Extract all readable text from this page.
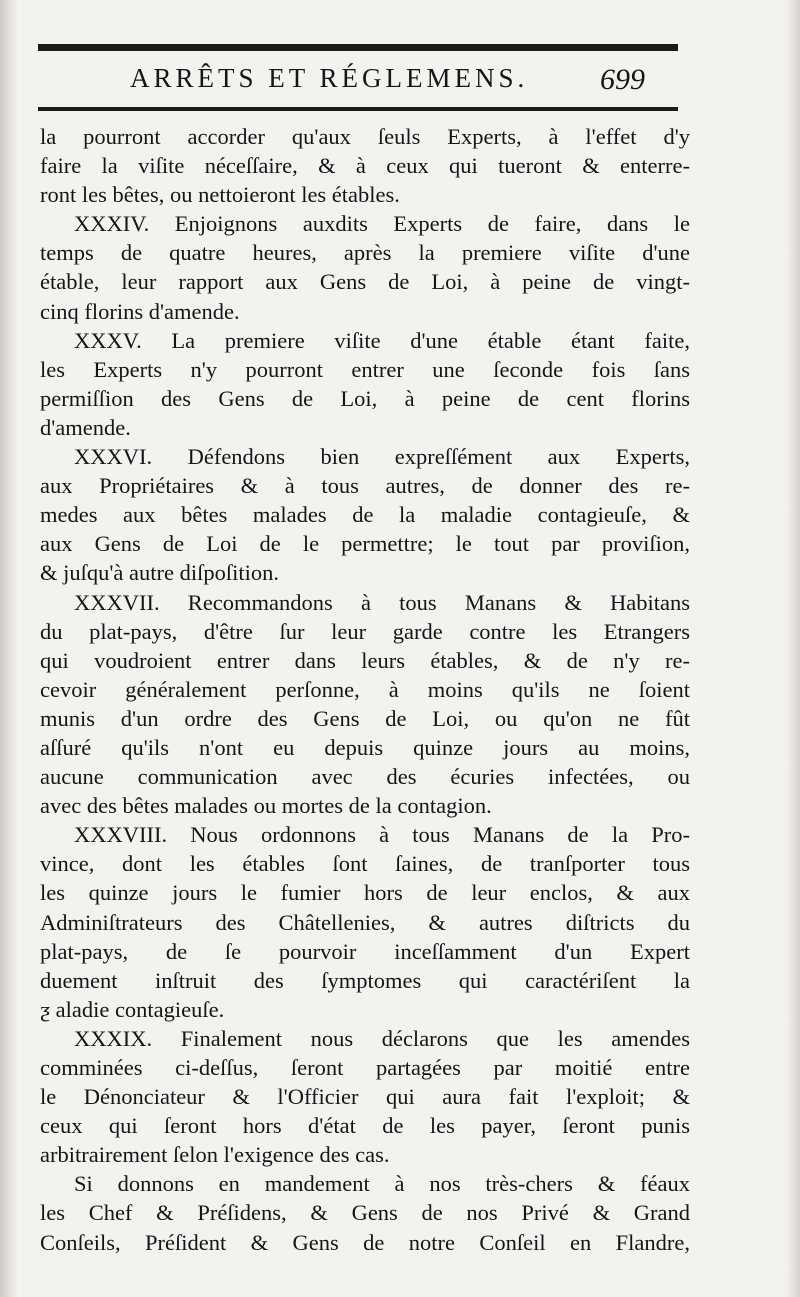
ARRÊTS ET RÉGLEMENS.	699
la pourront accorder qu'aux ſeuls Experts, à l'effet d'y
faire la viſite néceſſaire, & à ceux qui tueront & enterre-
ront les bêtes, ou nettoieront les étables.
XXXIV. Enjoignons auxdits Experts de faire, dans le
temps de quatre heures, après la premiere viſite d'une
étable, leur rapport aux Gens de Loi, à peine de vingt-
cinq florins d'amende.
XXXV. La premiere viſite d'une étable étant faite,
les Experts n'y pourront entrer une ſeconde fois ſans
permiſſion des Gens de Loi, à peine de cent florins
d'amende.
XXXVI. Défendons bien expreſſément aux Experts,
aux Propriétaires & à tous autres, de donner des re-
medes aux bêtes malades de la maladie contagieuſe, &
aux Gens de Loi de le permettre; le tout par proviſion,
& juſqu'à autre diſpoſition.
XXXVII. Recommandons à tous Manans & Habitans
du plat-pays, d'être ſur leur garde contre les Etrangers
qui voudroient entrer dans leurs étables, & de n'y re-
cevoir généralement perſonne, à moins qu'ils ne ſoient
munis d'un ordre des Gens de Loi, ou qu'on ne fût
aſſuré qu'ils n'ont eu depuis quinze jours au moins,
aucune communication avec des écuries infectées, ou
avec des bêtes malades ou mortes de la contagion.
XXXVIII. Nous ordonnons à tous Manans de la Pro-
vince, dont les étables ſont ſaines, de tranſporter tous
les quinze jours le fumier hors de leur enclos, & aux
Adminiſtrateurs des Châtellenies, & autres diſtricts du
plat-pays, de ſe pourvoir inceſſamment d'un Expert
duement inſtruit des ſymptomes qui caractériſent la
ƺ aladie contagieuſe.
XXXIX. Finalement nous déclarons que les amendes
comminées ci-deſſus, ſeront partagées par moitié entre
le Dénonciateur & l'Officier qui aura fait l'exploit; &
ceux qui ſeront hors d'état de les payer, ſeront punis
arbitrairement ſelon l'exigence des cas.
Si donnons en mandement à nos très-chers & féaux
les Chef & Préſidens, & Gens de nos Privé & Grand
Conſeils, Préſident & Gens de notre Conſeil en Flandre,
